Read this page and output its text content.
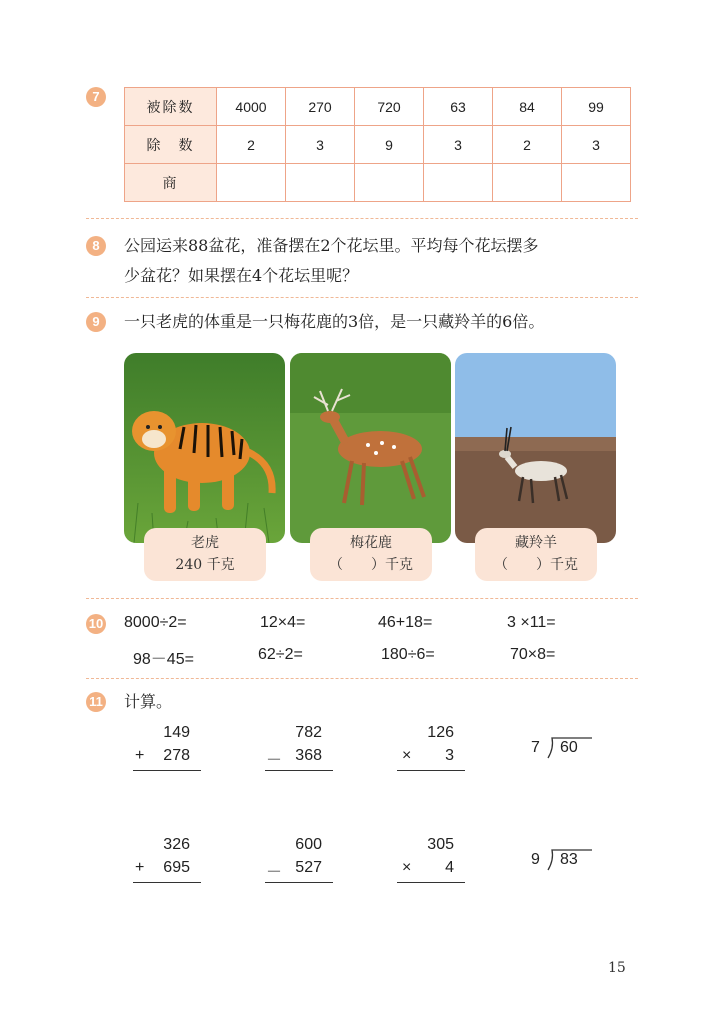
7
被除数	4000	270	720	63	84	99
除　数	2	3	9	3	2	3
商						
8	公园运来88盆花，准备摆在2个花坛里。平均每个花坛摆多
少盆花？如果摆在4个花坛里呢？
9	一只老虎的体重是一只梅花鹿的3倍，是一只藏羚羊的6倍。
老虎
240 千克
梅花鹿
（　　）千克
藏羚羊
（　　）千克
10 8000÷2=	12×4=	46+18=	3 ×11=
98－45=	62÷2=	180÷6=	70×8=
11 计算。
149
+	278
782
－ 368
126
×	3	7 60
326
+	695
600
－ 527
305
×	4	9 83
15
